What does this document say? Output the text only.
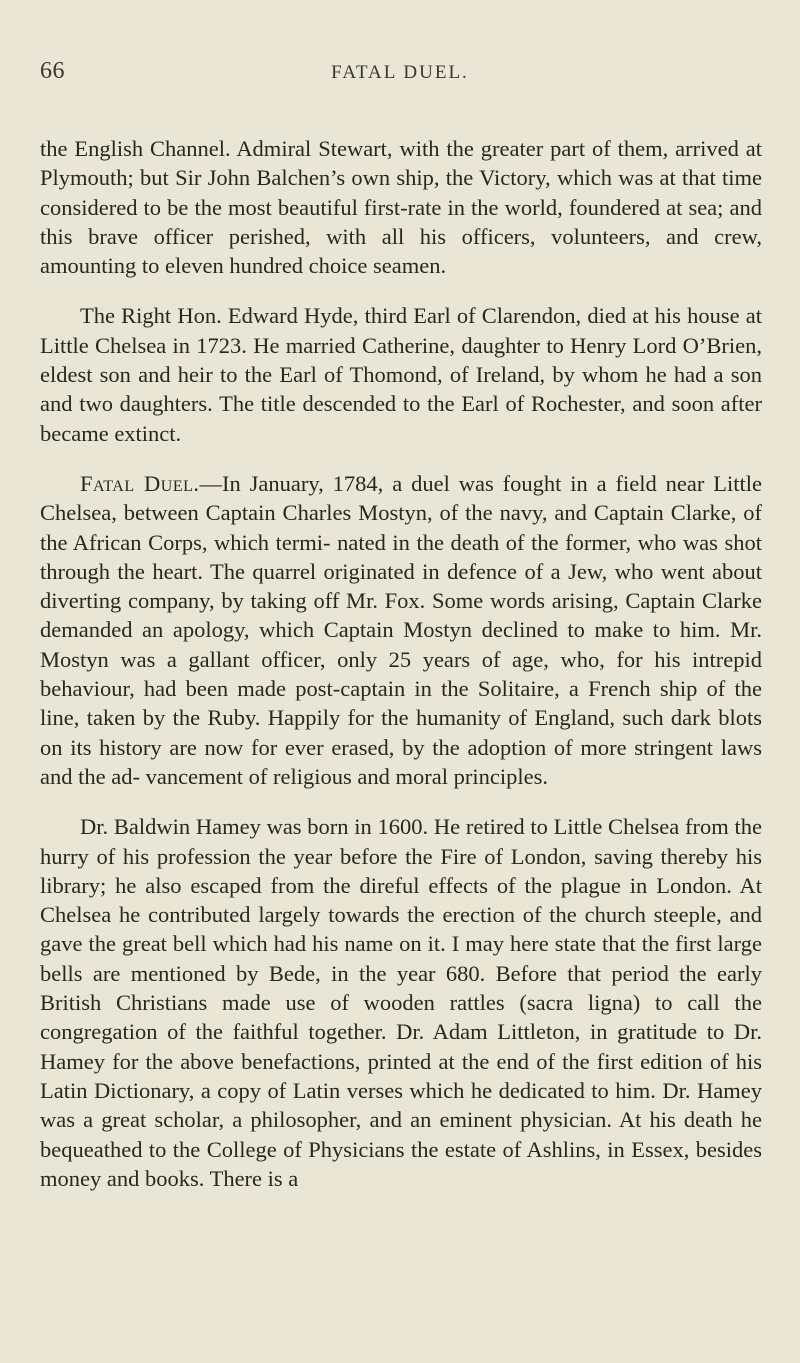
66	FATAL DUEL.

the English Channel. Admiral Stewart, with the greater part of them, arrived at Plymouth; but Sir John Balchen’s own ship, the Victory, which was at that time considered to be the most beautiful first-rate in the world, foundered at sea; and this brave officer perished, with all his officers, volunteers, and crew, amounting to eleven hundred choice seamen.

The Right Hon. Edward Hyde, third Earl of Clarendon, died at his house at Little Chelsea in 1723. He married Catherine, daughter to Henry Lord O’Brien, eldest son and heir to the Earl of Thomond, of Ireland, by whom he had a son and two daughters. The title descended to the Earl of Rochester, and soon after became extinct.

Fatal Duel.—In January, 1784, a duel was fought in a field near Little Chelsea, between Captain Charles Mostyn, of the navy, and Captain Clarke, of the African Corps, which termi- nated in the death of the former, who was shot through the heart. The quarrel originated in defence of a Jew, who went about diverting company, by taking off Mr. Fox. Some words arising, Captain Clarke demanded an apology, which Captain Mostyn declined to make to him. Mr. Mostyn was a gallant officer, only 25 years of age, who, for his intrepid behaviour, had been made post-captain in the Solitaire, a French ship of the line, taken by the Ruby. Happily for the humanity of England, such dark blots on its history are now for ever erased, by the adoption of more stringent laws and the ad- vancement of religious and moral principles.

Dr. Baldwin Hamey was born in 1600. He retired to Little Chelsea from the hurry of his profession the year before the Fire of London, saving thereby his library; he also escaped from the direful effects of the plague in London. At Chelsea he contributed largely towards the erection of the church steeple, and gave the great bell which had his name on it. I may here state that the first large bells are mentioned by Bede, in the year 680. Before that period the early British Christians made use of wooden rattles (sacra ligna) to call the congregation of the faithful together. Dr. Adam Littleton, in gratitude to Dr. Hamey for the above benefactions, printed at the end of the first edition of his Latin Dictionary, a copy of Latin verses which he dedicated to him. Dr. Hamey was a great scholar, a philosopher, and an eminent physician. At his death he bequeathed to the College of Physicians the estate of Ashlins, in Essex, besides money and books. There is a
